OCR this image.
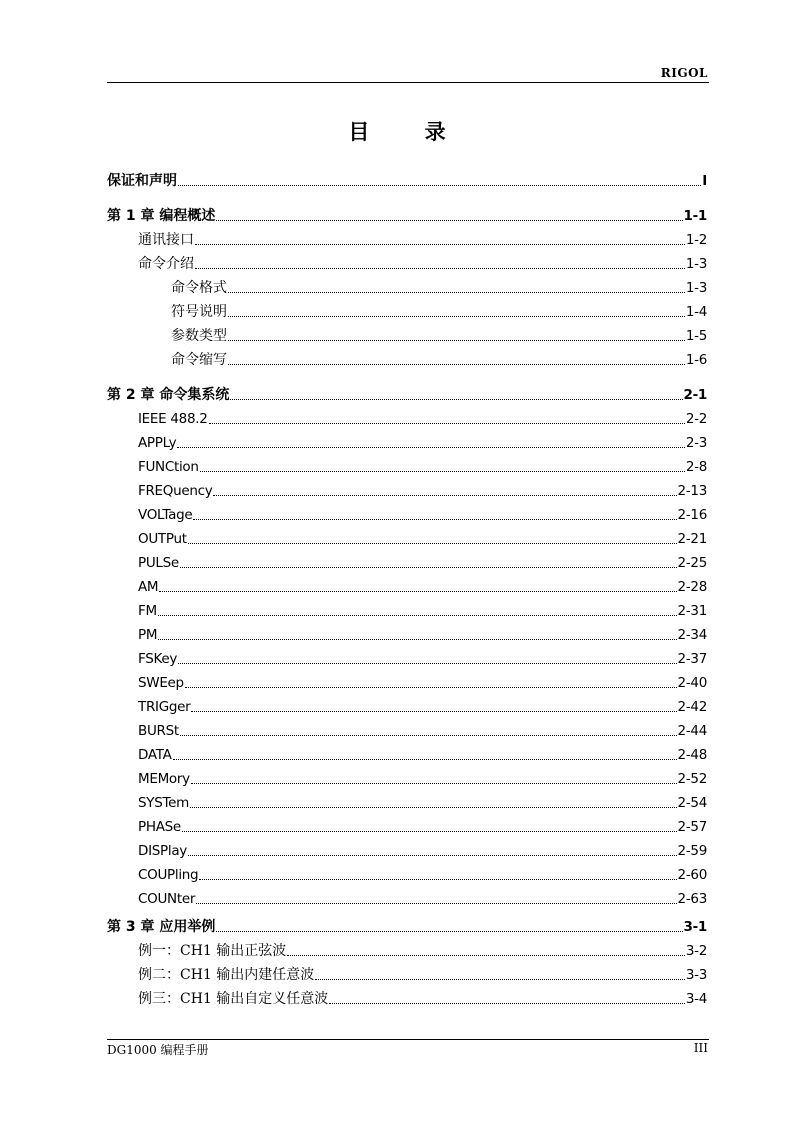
RIGOL
目 录
保证和声明	I
第 1 章 编程概述	1-1
通讯接口	1-2
命令介绍	1-3
命令格式	1-3
符号说明	1-4
参数类型	1-5
命令缩写	1-6
第 2 章 命令集系统	2-1
IEEE 488.2	2-2
APPLy	2-3
FUNCtion	2-8
FREQuency	2-13
VOLTage	2-16
OUTPut	2-21
PULSe	2-25
AM	2-28
FM	2-31
PM	2-34
FSKey	2-37
SWEep	2-40
TRIGger	2-42
BURSt	2-44
DATA	2-48
MEMory	2-52
SYSTem	2-54
PHASe	2-57
DISPlay	2-59
COUPling	2-60
COUNter	2-63
第 3 章 应用举例	3-1
例一：CH1 输出正弦波	3-2
例二：CH1 输出内建任意波	3-3
例三：CH1 输出自定义任意波	3-4
DG1000 编程手册	III
